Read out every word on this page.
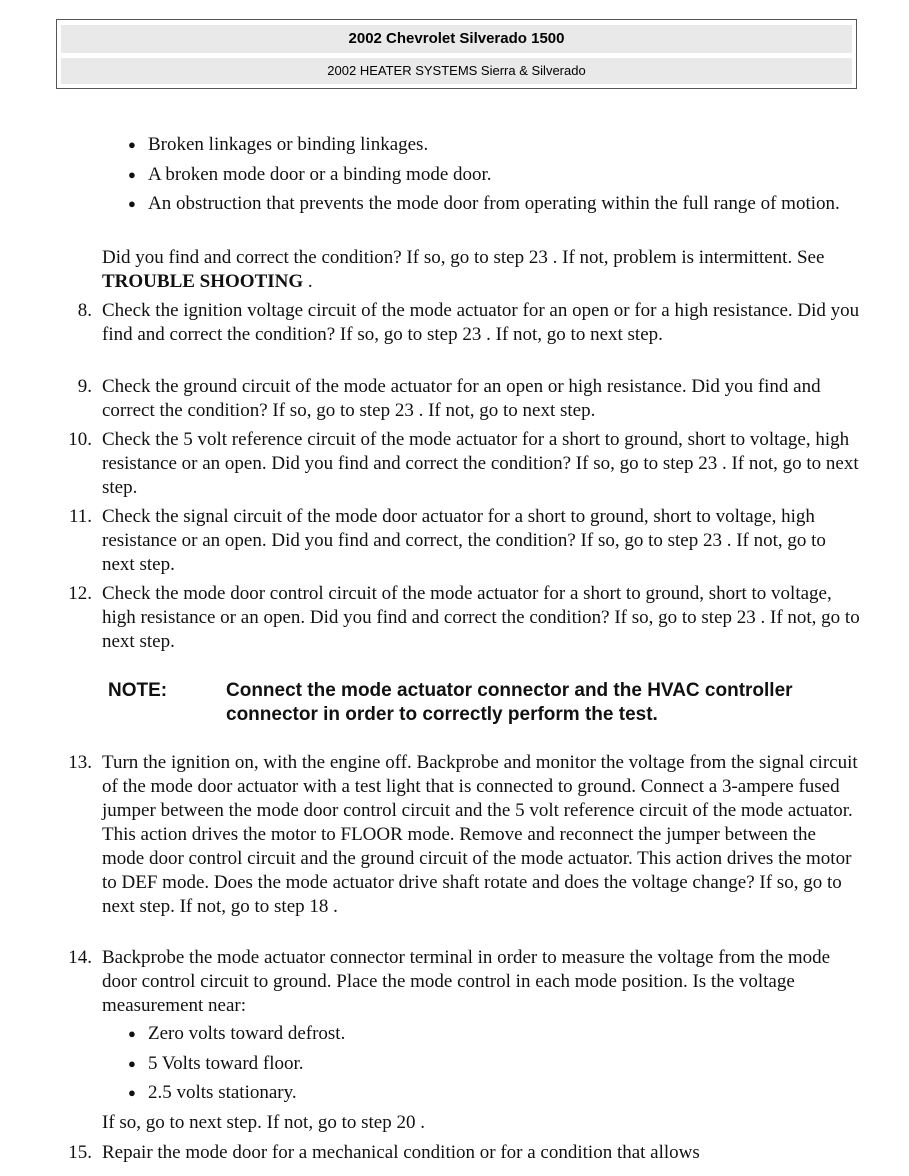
2002 Chevrolet Silverado 1500
2002 HEATER SYSTEMS Sierra & Silverado
● Broken linkages or binding linkages.
● A broken mode door or a binding mode door.
● An obstruction that prevents the mode door from operating within the full range of motion.

Did you find and correct the condition? If so, go to step 23 . If not, problem is intermittent. See TROUBLE SHOOTING .

8. Check the ignition voltage circuit of the mode actuator for an open or for a high resistance. Did you find and correct the condition? If so, go to step 23 . If not, go to next step.
9. Check the ground circuit of the mode actuator for an open or high resistance. Did you find and correct the condition? If so, go to step 23 . If not, go to next step.
10. Check the 5 volt reference circuit of the mode actuator for a short to ground, short to voltage, high resistance or an open. Did you find and correct the condition? If so, go to step 23 . If not, go to next step.
11. Check the signal circuit of the mode door actuator for a short to ground, short to voltage, high resistance or an open. Did you find and correct, the condition? If so, go to step 23 . If not, go to next step.
12. Check the mode door control circuit of the mode actuator for a short to ground, short to voltage, high resistance or an open. Did you find and correct the condition? If so, go to step 23 . If not, go to next step.
NOTE:	Connect the mode actuator connector and the HVAC controller connector in order to correctly perform the test.
13. Turn the ignition on, with the engine off. Backprobe and monitor the voltage from the signal circuit of the mode door actuator with a test light that is connected to ground. Connect a 3-ampere fused jumper between the mode door control circuit and the 5 volt reference circuit of the mode actuator. This action drives the motor to FLOOR mode. Remove and reconnect the jumper between the mode door control circuit and the ground circuit of the mode actuator. This action drives the motor to DEF mode. Does the mode actuator drive shaft rotate and does the voltage change? If so, go to next step. If not, go to step 18 .
14. Backprobe the mode actuator connector terminal in order to measure the voltage from the mode door control circuit to ground. Place the mode control in each mode position. Is the voltage measurement near:
● Zero volts toward defrost.
● 5 Volts toward floor.
● 2.5 volts stationary.

If so, go to next step. If not, go to step 20 .

15. Repair the mode door for a mechanical condition or for a condition that allows
